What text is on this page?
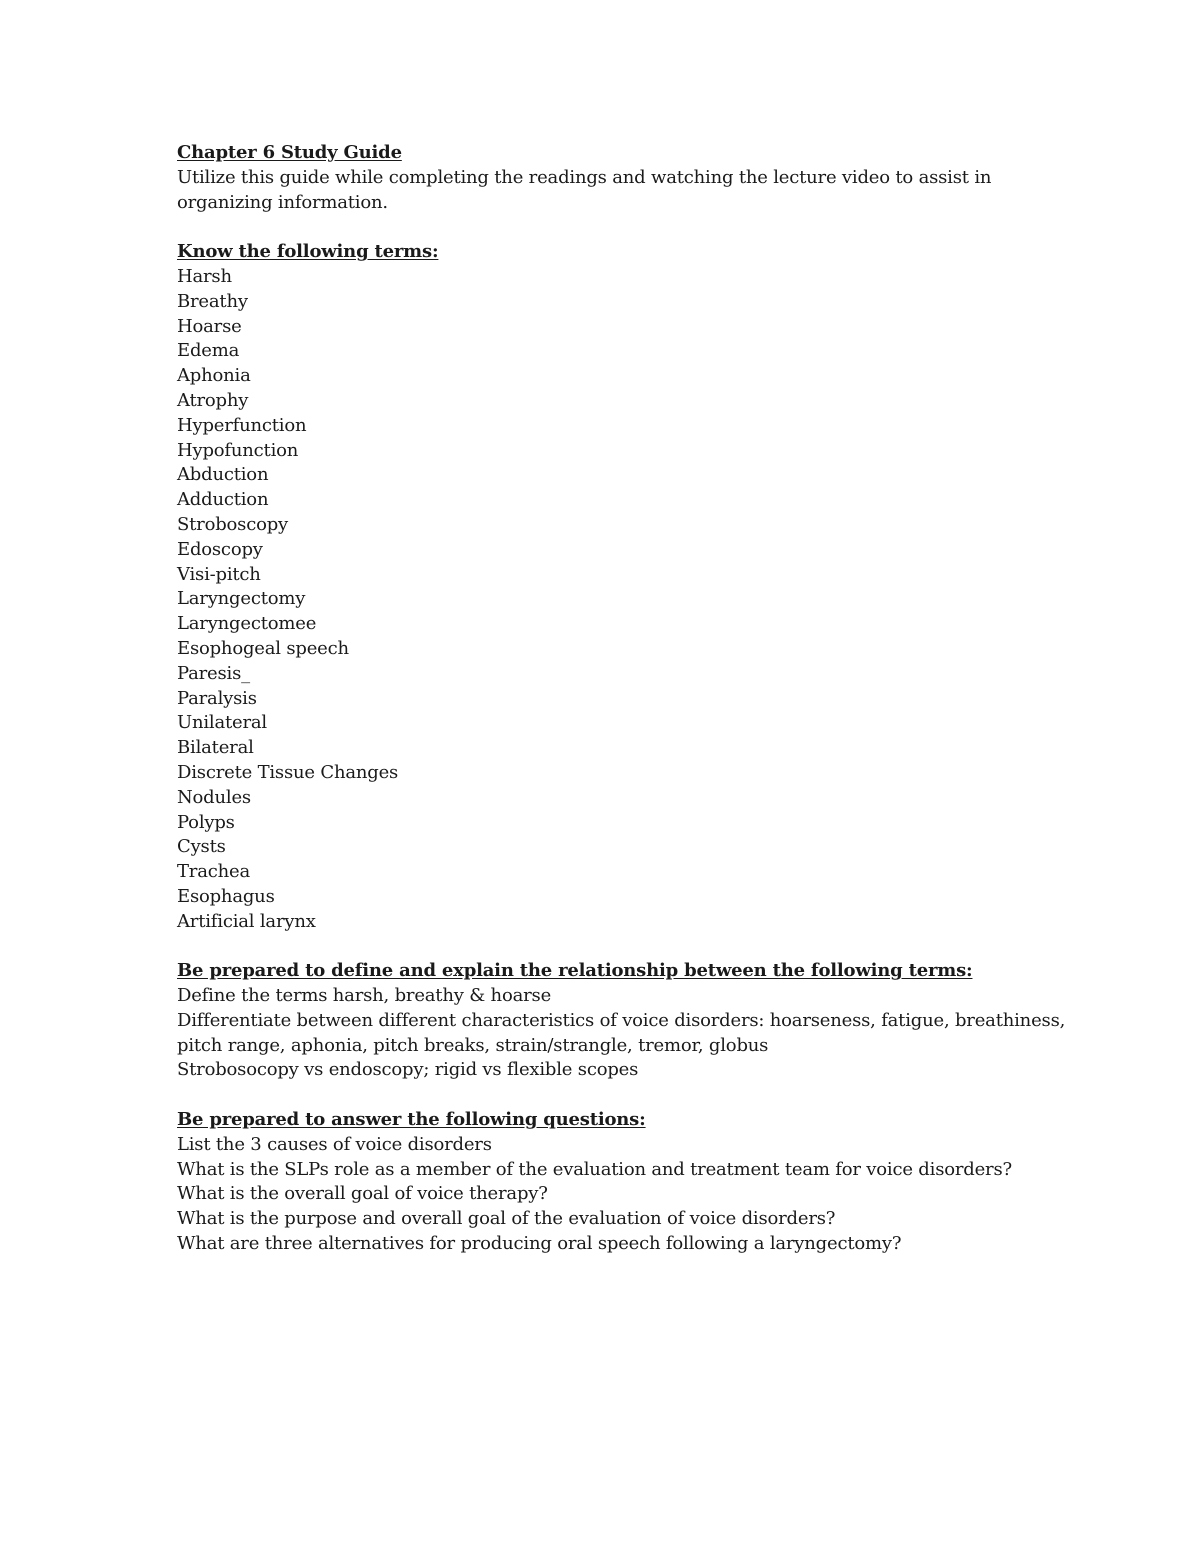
Chapter 6 Study Guide
Utilize this guide while completing the readings and watching the lecture video to assist in organizing information.
Know the following terms:
Harsh
Breathy
Hoarse
Edema
Aphonia
Atrophy
Hyperfunction
Hypofunction
Abduction
Adduction
Stroboscopy
Edoscopy
Visi-pitch
Laryngectomy
Laryngectomee
Esophogeal speech
Paresis_
Paralysis
Unilateral
Bilateral
Discrete Tissue Changes
Nodules
Polyps
Cysts
Trachea
Esophagus
Artificial larynx
Be prepared to define and explain the relationship between the following terms:
Define the terms harsh, breathy & hoarse
Differentiate between different characteristics of voice disorders: hoarseness, fatigue, breathiness, pitch range, aphonia, pitch breaks, strain/strangle, tremor, globus
Strobosocopy vs endoscopy; rigid vs flexible scopes
Be prepared to answer the following questions:
List the 3 causes of voice disorders
What is the SLPs role as a member of the evaluation and treatment team for voice disorders?
What is the overall goal of voice therapy?
What is the purpose and overall goal of the evaluation of voice disorders?
What are three alternatives for producing oral speech following a laryngectomy?
